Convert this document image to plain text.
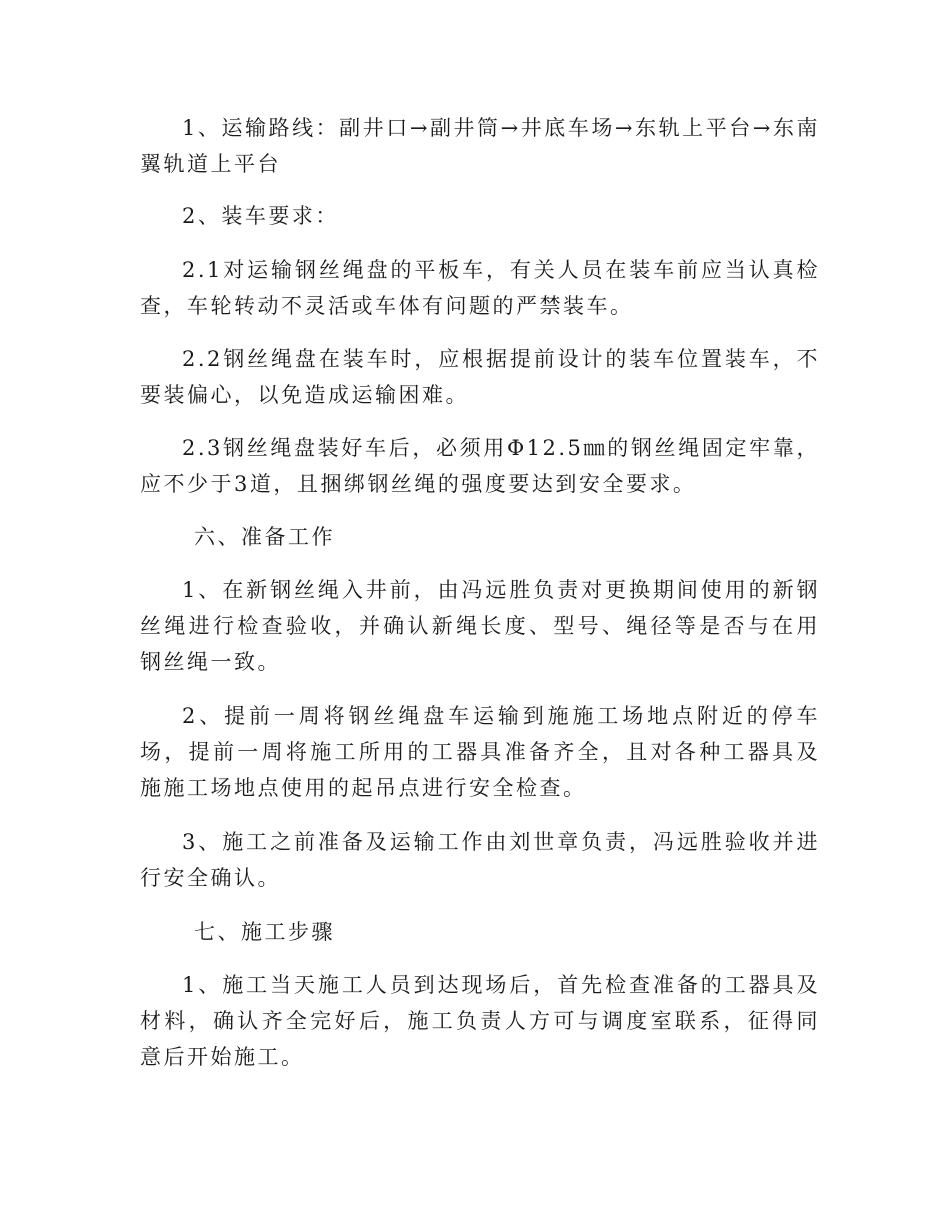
1、运输路线：副井口→副井筒→井底车场→东轨上平台→东南翼轨道上平台

2、装车要求：

2.1对运输钢丝绳盘的平板车，有关人员在装车前应当认真检查，车轮转动不灵活或车体有问题的严禁装车。

2.2钢丝绳盘在装车时，应根据提前设计的装车位置装车，不要装偏心，以免造成运输困难。

2.3钢丝绳盘装好车后，必须用Φ12.5㎜的钢丝绳固定牢靠，应不少于3道，且捆绑钢丝绳的强度要达到安全要求。

六、准备工作

1、在新钢丝绳入井前，由冯远胜负责对更换期间使用的新钢丝绳进行检查验收，并确认新绳长度、型号、绳径等是否与在用钢丝绳一致。

2、提前一周将钢丝绳盘车运输到施施工场地点附近的停车场，提前一周将施工所用的工器具准备齐全，且对各种工器具及施施工场地点使用的起吊点进行安全检查。

3、施工之前准备及运输工作由刘世章负责，冯远胜验收并进行安全确认。

七、施工步骤

1、施工当天施工人员到达现场后，首先检查准备的工器具及材料，确认齐全完好后，施工负责人方可与调度室联系，征得同意后开始施工。
